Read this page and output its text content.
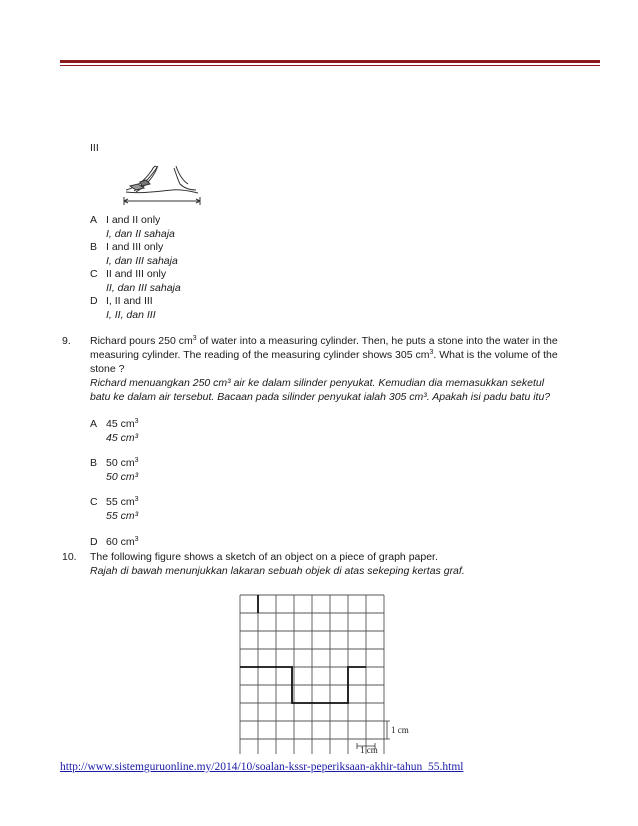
III
A I and II only
I, dan II sahaja
B I and III only
I, dan III sahaja
C II and III only
II, dan III sahaja
D I, II and III
I, II, dan III
9. Richard pours 250 $cm^3$ of water into a measuring cylinder. Then, he puts a stone into the water in the
measuring cylinder. The reading of the measuring cylinder shows 305 $cm^3$. What is the volume of the
stone ?
Richard menuangkan 250 cm³ air ke dalam silinder penyukat. Kemudian dia memasukkan seketul
batu ke dalam air tersebut. Bacaan pada silinder penyukat ialah 305 cm³. Apakah isi padu batu itu?
A 45 $cm^3$
45 cm³
B 50 $cm^3$
50 cm³
C 55 $cm^3$
55 cm³
D 60 $cm^3$
10. The following figure shows a sketch of an object on a piece of graph paper.
Rajah di bawah menunjukkan lakaran sebuah objek di atas sekeping kertas graf.
1 cm
1 cm
http://www.sistemguruonline.my/2014/10/soalan-kssr-peperiksaan-akhir-tahun_55.html
